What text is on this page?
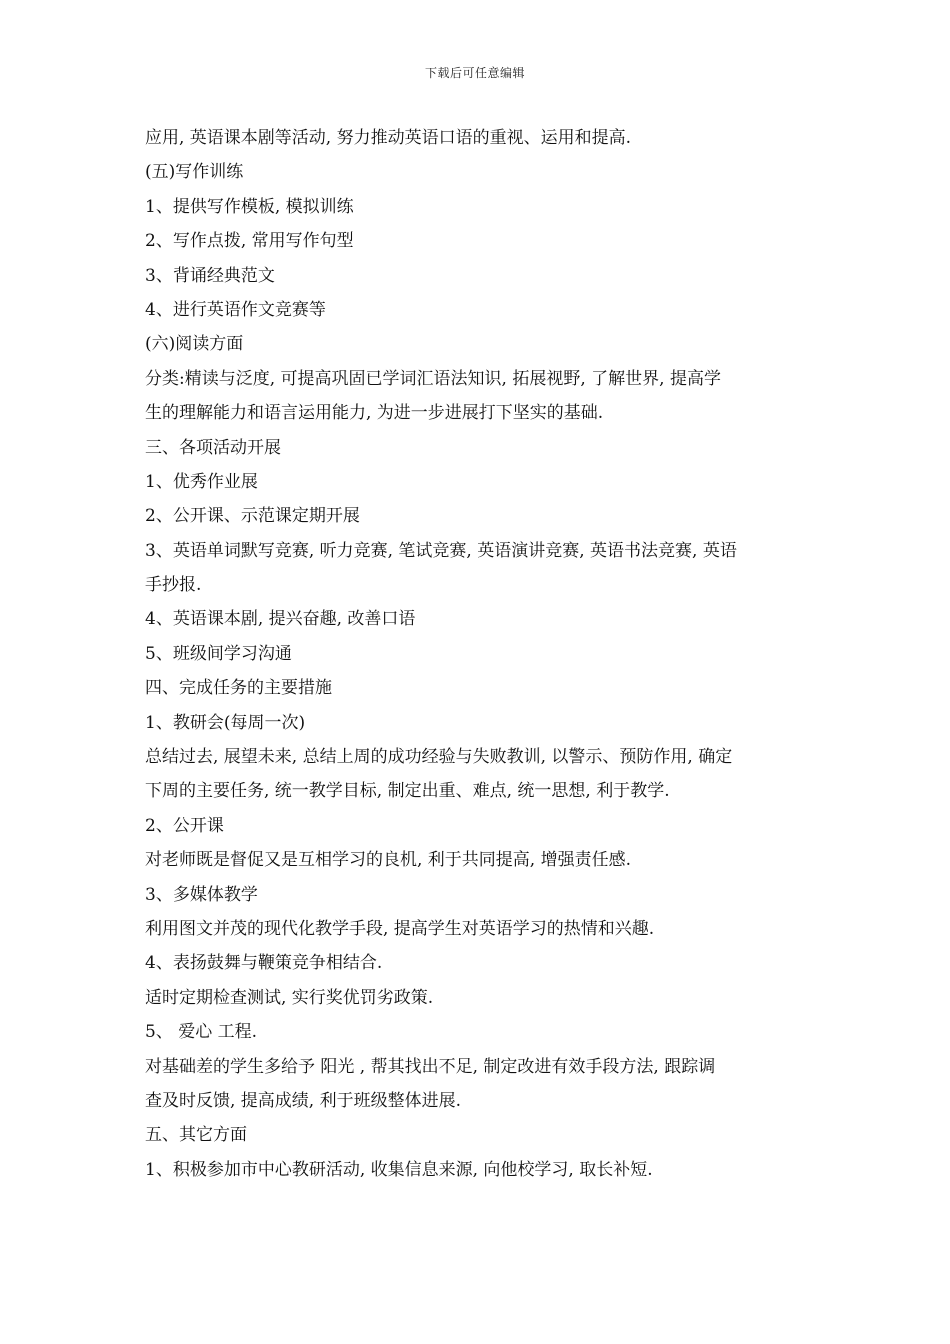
下载后可任意编辑
应用, 英语课本剧等活动, 努力推动英语口语的重视、运用和提高.
(五)写作训练
1、提供写作模板, 模拟训练
2、写作点拨, 常用写作句型
3、背诵经典范文
4、进行英语作文竞赛等
(六)阅读方面
分类:精读与泛度, 可提高巩固已学词汇语法知识, 拓展视野, 了解世界, 提高学
生的理解能力和语言运用能力, 为进一步进展打下坚实的基础.
三、各项活动开展
1、优秀作业展
2、公开课、示范课定期开展
3、英语单词默写竞赛, 听力竞赛, 笔试竞赛, 英语演讲竞赛, 英语书法竞赛, 英语
手抄报.
4、英语课本剧, 提兴奋趣, 改善口语
5、班级间学习沟通
四、完成任务的主要措施
1、教研会(每周一次)
总结过去, 展望未来, 总结上周的成功经验与失败教训, 以警示、预防作用, 确定
下周的主要任务, 统一教学目标, 制定出重、难点, 统一思想, 利于教学.
2、公开课
对老师既是督促又是互相学习的良机, 利于共同提高, 增强责任感.
3、多媒体教学
利用图文并茂的现代化教学手段, 提高学生对英语学习的热情和兴趣.
4、表扬鼓舞与鞭策竞争相结合.
适时定期检查测试, 实行奖优罚劣政策.
5、 爱心 工程.
对基础差的学生多给予 阳光 , 帮其找出不足, 制定改进有效手段方法, 跟踪调
查及时反馈, 提高成绩, 利于班级整体进展.
五、其它方面
1、积极参加市中心教研活动, 收集信息来源, 向他校学习, 取长补短.
